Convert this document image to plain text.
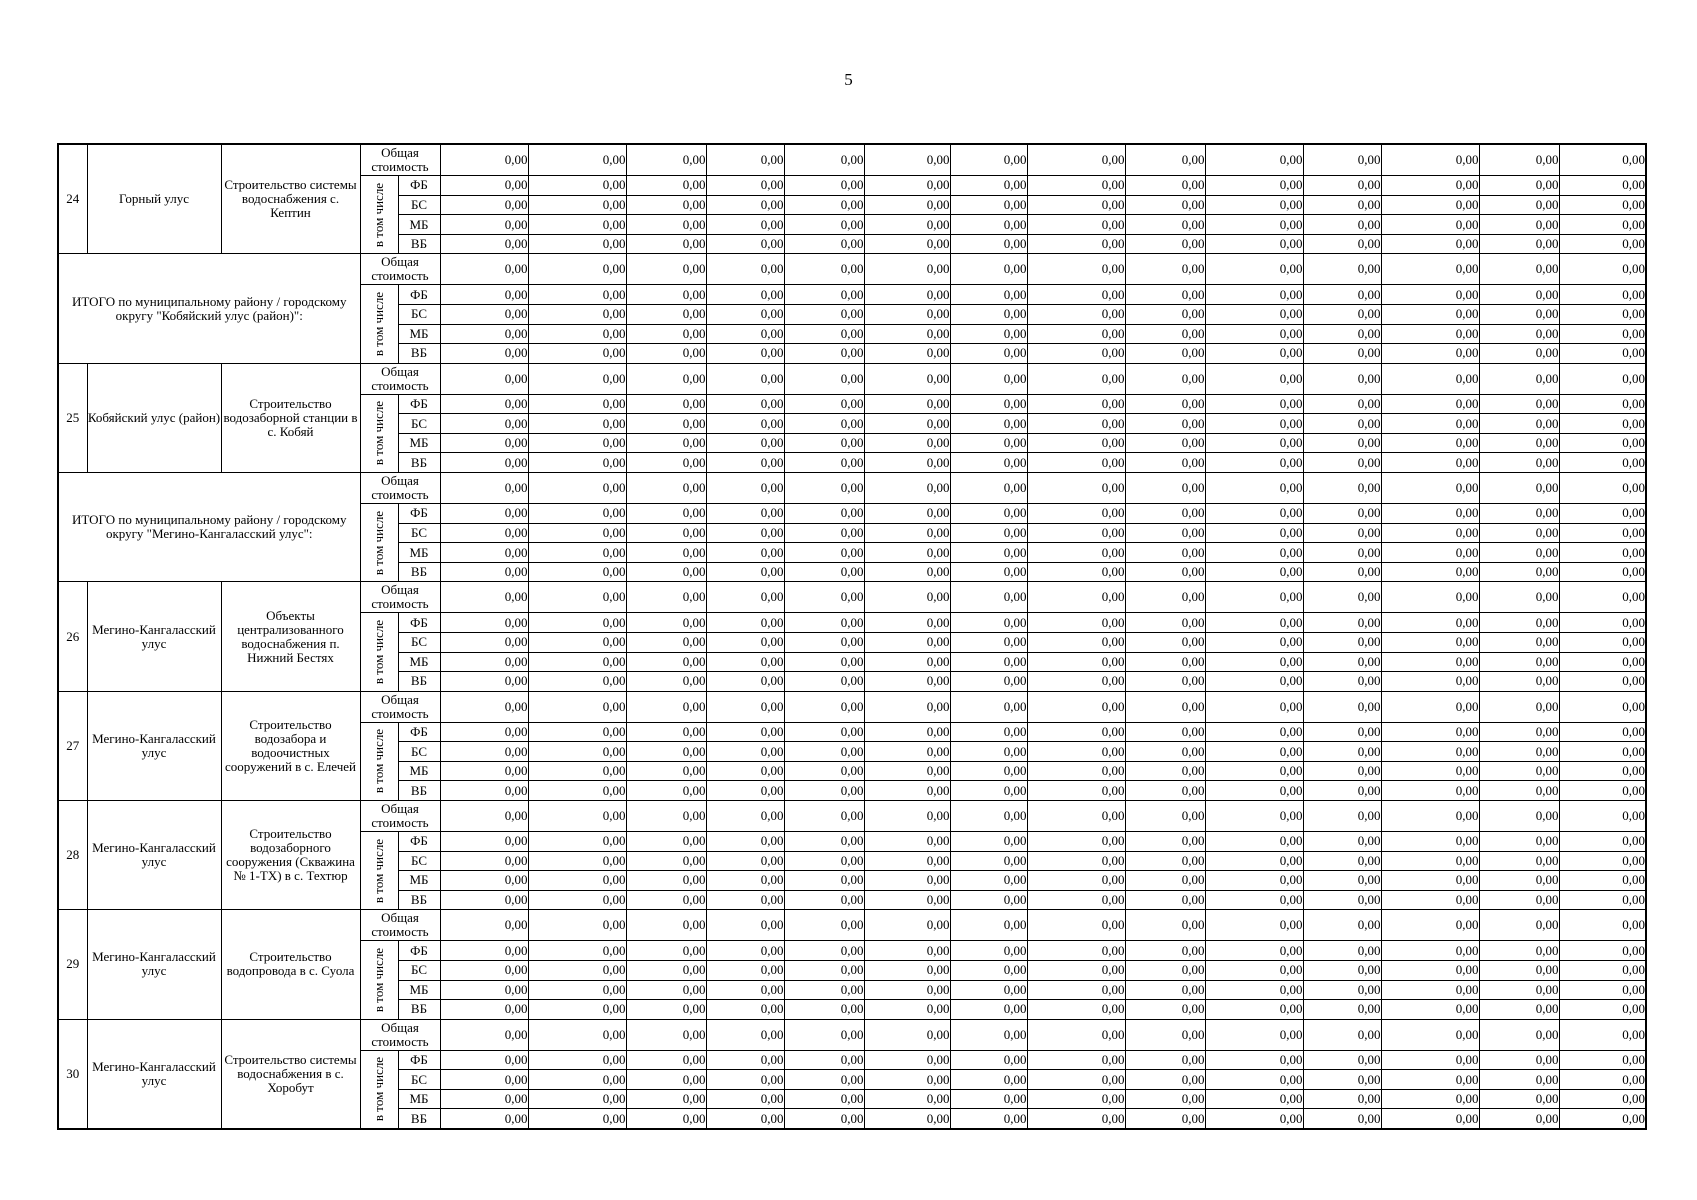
5
24	Горный улус	Строительство системы водоснабжения с. Кептин	Общая стоимость		0,00	0,00	0,00	0,00	0,00	0,00	0,00	0,00	0,00	0,00	0,00	0,00	0,00	0,00

			в том числе	ФБ	0,00	0,00	0,00	0,00	0,00	0,00	0,00	0,00	0,00	0,00	0,00	0,00	0,00	0,00
				БС	0,00	0,00	0,00	0,00	0,00	0,00	0,00	0,00	0,00	0,00	0,00	0,00	0,00	0,00
				МБ	0,00	0,00	0,00	0,00	0,00	0,00	0,00	0,00	0,00	0,00	0,00	0,00	0,00	0,00
				ВБ	0,00	0,00	0,00	0,00	0,00	0,00	0,00	0,00	0,00	0,00	0,00	0,00	0,00	0,00
ИТОГО по муниципальному району / городскому округу "Кобяйский улус (район)":			Общая стоимость		0,00	0,00	0,00	0,00	0,00	0,00	0,00	0,00	0,00	0,00	0,00	0,00	0,00	0,00

			в том числе	ФБ	0,00	0,00	0,00	0,00	0,00	0,00	0,00	0,00	0,00	0,00	0,00	0,00	0,00	0,00
				БС	0,00	0,00	0,00	0,00	0,00	0,00	0,00	0,00	0,00	0,00	0,00	0,00	0,00	0,00
				МБ	0,00	0,00	0,00	0,00	0,00	0,00	0,00	0,00	0,00	0,00	0,00	0,00	0,00	0,00
				ВБ	0,00	0,00	0,00	0,00	0,00	0,00	0,00	0,00	0,00	0,00	0,00	0,00	0,00	0,00
25	Кобяйский улус (район)	Строительство водозаборной станции в с. Кобяй	Общая стоимость		0,00	0,00	0,00	0,00	0,00	0,00	0,00	0,00	0,00	0,00	0,00	0,00	0,00	0,00

			в том числе	ФБ	0,00	0,00	0,00	0,00	0,00	0,00	0,00	0,00	0,00	0,00	0,00	0,00	0,00	0,00
				БС	0,00	0,00	0,00	0,00	0,00	0,00	0,00	0,00	0,00	0,00	0,00	0,00	0,00	0,00
				МБ	0,00	0,00	0,00	0,00	0,00	0,00	0,00	0,00	0,00	0,00	0,00	0,00	0,00	0,00
				ВБ	0,00	0,00	0,00	0,00	0,00	0,00	0,00	0,00	0,00	0,00	0,00	0,00	0,00	0,00
ИТОГО по муниципальному району / городскому округу "Мегино-Кангаласский улус":			Общая стоимость		0,00	0,00	0,00	0,00	0,00	0,00	0,00	0,00	0,00	0,00	0,00	0,00	0,00	0,00

			в том числе	ФБ	0,00	0,00	0,00	0,00	0,00	0,00	0,00	0,00	0,00	0,00	0,00	0,00	0,00	0,00
				БС	0,00	0,00	0,00	0,00	0,00	0,00	0,00	0,00	0,00	0,00	0,00	0,00	0,00	0,00
				МБ	0,00	0,00	0,00	0,00	0,00	0,00	0,00	0,00	0,00	0,00	0,00	0,00	0,00	0,00
				ВБ	0,00	0,00	0,00	0,00	0,00	0,00	0,00	0,00	0,00	0,00	0,00	0,00	0,00	0,00
26	Мегино-Кангаласский улус	Объекты централизованного водоснабжения п. Нижний Бестях	Общая стоимость		0,00	0,00	0,00	0,00	0,00	0,00	0,00	0,00	0,00	0,00	0,00	0,00	0,00	0,00

			в том числе	ФБ	0,00	0,00	0,00	0,00	0,00	0,00	0,00	0,00	0,00	0,00	0,00	0,00	0,00	0,00
				БС	0,00	0,00	0,00	0,00	0,00	0,00	0,00	0,00	0,00	0,00	0,00	0,00	0,00	0,00
				МБ	0,00	0,00	0,00	0,00	0,00	0,00	0,00	0,00	0,00	0,00	0,00	0,00	0,00	0,00
				ВБ	0,00	0,00	0,00	0,00	0,00	0,00	0,00	0,00	0,00	0,00	0,00	0,00	0,00	0,00
27	Мегино-Кангаласский улус	Строительство водозабора и водоочистных сооружений в с. Елечей	Общая стоимость		0,00	0,00	0,00	0,00	0,00	0,00	0,00	0,00	0,00	0,00	0,00	0,00	0,00	0,00

			в том числе	ФБ	0,00	0,00	0,00	0,00	0,00	0,00	0,00	0,00	0,00	0,00	0,00	0,00	0,00	0,00
				БС	0,00	0,00	0,00	0,00	0,00	0,00	0,00	0,00	0,00	0,00	0,00	0,00	0,00	0,00
				МБ	0,00	0,00	0,00	0,00	0,00	0,00	0,00	0,00	0,00	0,00	0,00	0,00	0,00	0,00
				ВБ	0,00	0,00	0,00	0,00	0,00	0,00	0,00	0,00	0,00	0,00	0,00	0,00	0,00	0,00
28	Мегино-Кангаласский улус	Строительство водозаборного сооружения (Скважина № 1-ТХ) в с. Техтюр	Общая стоимость		0,00	0,00	0,00	0,00	0,00	0,00	0,00	0,00	0,00	0,00	0,00	0,00	0,00	0,00

			в том числе	ФБ	0,00	0,00	0,00	0,00	0,00	0,00	0,00	0,00	0,00	0,00	0,00	0,00	0,00	0,00
				БС	0,00	0,00	0,00	0,00	0,00	0,00	0,00	0,00	0,00	0,00	0,00	0,00	0,00	0,00
				МБ	0,00	0,00	0,00	0,00	0,00	0,00	0,00	0,00	0,00	0,00	0,00	0,00	0,00	0,00
				ВБ	0,00	0,00	0,00	0,00	0,00	0,00	0,00	0,00	0,00	0,00	0,00	0,00	0,00	0,00
29	Мегино-Кангаласский улус	Строительство водопровода в с. Суола	Общая стоимость		0,00	0,00	0,00	0,00	0,00	0,00	0,00	0,00	0,00	0,00	0,00	0,00	0,00	0,00

			в том числе	ФБ	0,00	0,00	0,00	0,00	0,00	0,00	0,00	0,00	0,00	0,00	0,00	0,00	0,00	0,00
				БС	0,00	0,00	0,00	0,00	0,00	0,00	0,00	0,00	0,00	0,00	0,00	0,00	0,00	0,00
				МБ	0,00	0,00	0,00	0,00	0,00	0,00	0,00	0,00	0,00	0,00	0,00	0,00	0,00	0,00
				ВБ	0,00	0,00	0,00	0,00	0,00	0,00	0,00	0,00	0,00	0,00	0,00	0,00	0,00	0,00
30	Мегино-Кангаласский улус	Строительство системы водоснабжения в с. Хоробут	Общая стоимость		0,00	0,00	0,00	0,00	0,00	0,00	0,00	0,00	0,00	0,00	0,00	0,00	0,00	0,00

			в том числе	ФБ	0,00	0,00	0,00	0,00	0,00	0,00	0,00	0,00	0,00	0,00	0,00	0,00	0,00	0,00
				БС	0,00	0,00	0,00	0,00	0,00	0,00	0,00	0,00	0,00	0,00	0,00	0,00	0,00	0,00
				МБ	0,00	0,00	0,00	0,00	0,00	0,00	0,00	0,00	0,00	0,00	0,00	0,00	0,00	0,00
				ВБ	0,00	0,00	0,00	0,00	0,00	0,00	0,00	0,00	0,00	0,00	0,00	0,00	0,00	0,00
